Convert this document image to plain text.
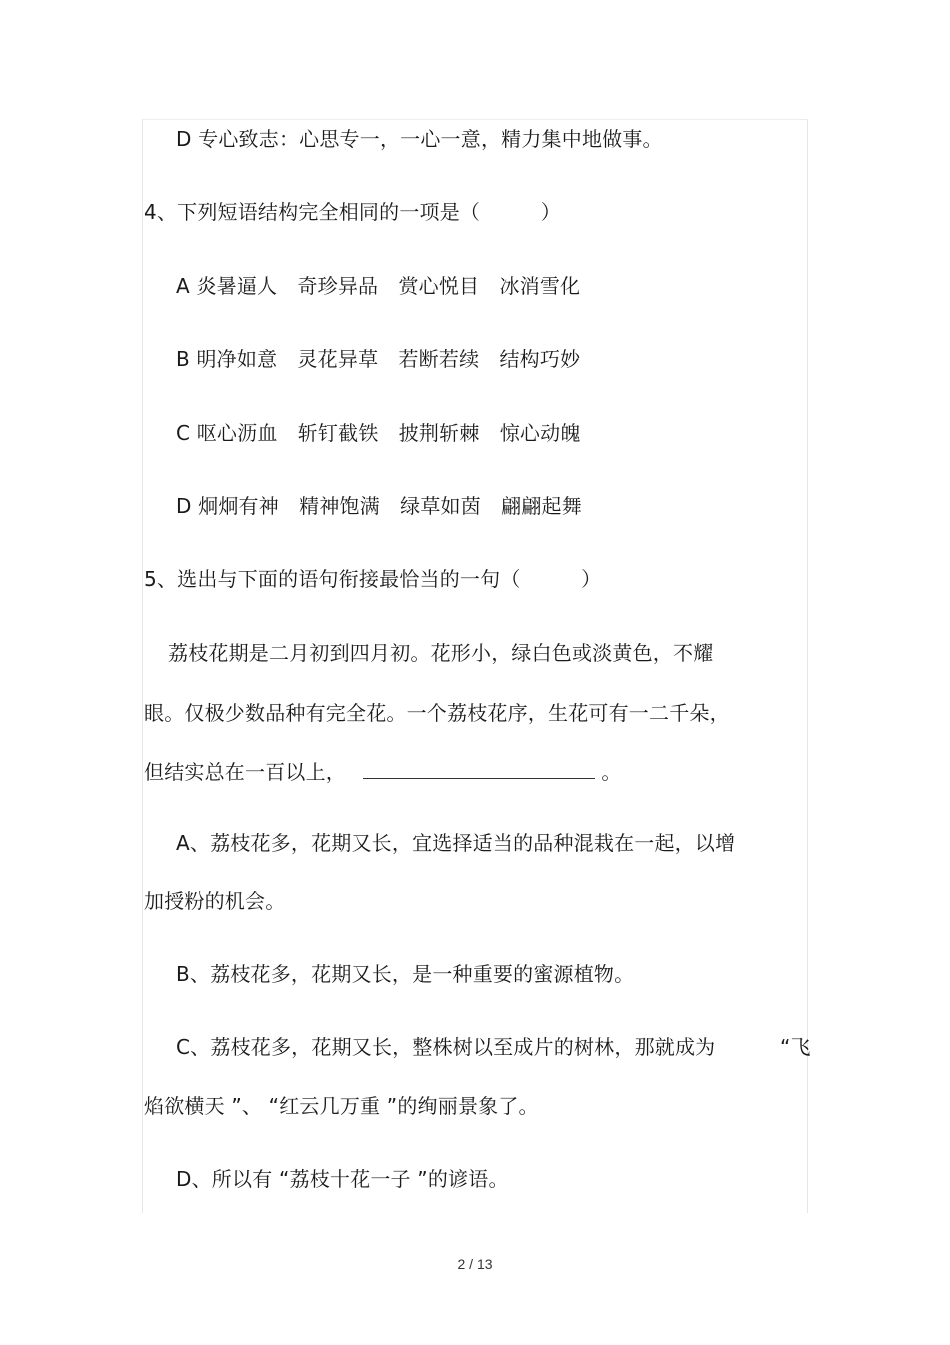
D 专心致志：心思专一，一心一意，精力集中地做事。
4、下列短语结构完全相同的一项是（　　　）
A 炎暑逼人　奇珍异品　赏心悦目　冰消雪化
B 明净如意　灵花异草　若断若续　结构巧妙
C 呕心沥血　斩钉截铁　披荆斩棘　惊心动魄
D 炯炯有神　精神饱满　绿草如茵　翩翩起舞
5、选出与下面的语句衔接最恰当的一句（　　　）
荔枝花期是二月初到四月初。花形小，绿白色或淡黄色，不耀
眼。仅极少数品种有完全花。一个荔枝花序，生花可有一二千朵，
但结实总在一百以上，　	。
A、荔枝花多，花期又长，宜选择适当的品种混栽在一起，以增
加授粉的机会。
B、荔枝花多，花期又长，是一种重要的蜜源植物。
C、荔枝花多，花期又长，整株树以至成片的树林，那就成为	“飞
焰欲横天 ”、 “红云几万重 ”的绚丽景象了。
D、所以有 “荔枝十花一子 ”的谚语。
2 / 13
